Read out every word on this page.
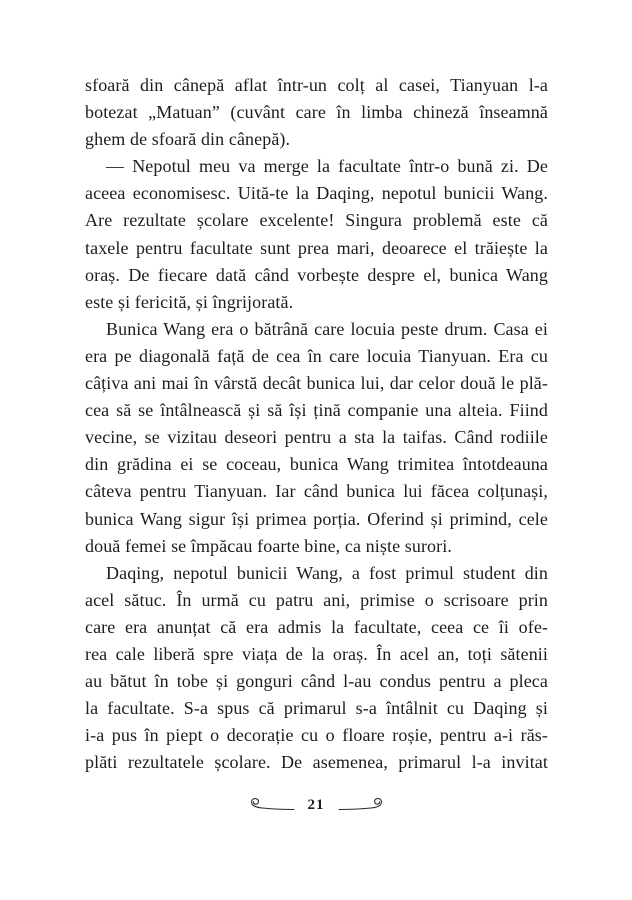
sfoară din cânepă aflat într-un colț al casei, Tianyuan l-a
botezat „Matuan” (cuvânt care în limba chineză înseamnă
ghem de sfoară din cânepă).
— Nepotul meu va merge la facultate într-o bună zi. De
aceea economisesc. Uită-te la Daqing, nepotul bunicii Wang.
Are rezultate școlare excelente! Singura problemă este că
taxele pentru facultate sunt prea mari, deoarece el trăiește la
oraș. De fiecare dată când vorbește despre el, bunica Wang
este și fericită, și îngrijorată.
Bunica Wang era o bătrână care locuia peste drum. Casa ei
era pe diagonală față de cea în care locuia Tianyuan. Era cu
câțiva ani mai în vârstă decât bunica lui, dar celor două le plă-
cea să se întâlnească și să își țină companie una alteia. Fiind
vecine, se vizitau deseori pentru a sta la taifas. Când rodiile
din grădina ei se coceau, bunica Wang trimitea întotdeauna
câteva pentru Tianyuan. Iar când bunica lui făcea colțunași,
bunica Wang sigur își primea porția. Oferind și primind, cele
două femei se împăcau foarte bine, ca niște surori.
Daqing, nepotul bunicii Wang, a fost primul student din
acel sătuc. În urmă cu patru ani, primise o scrisoare prin
care era anunțat că era admis la facultate, ceea ce îi ofe-
rea cale liberă spre viața de la oraș. În acel an, toți sătenii
au bătut în tobe și gonguri când l-au condus pentru a pleca
la facultate. S-a spus că primarul s-a întâlnit cu Daqing și
i-a pus în piept o decorație cu o floare roșie, pentru a-i răs-
plăti rezultatele școlare. De asemenea, primarul l-a invitat
21
